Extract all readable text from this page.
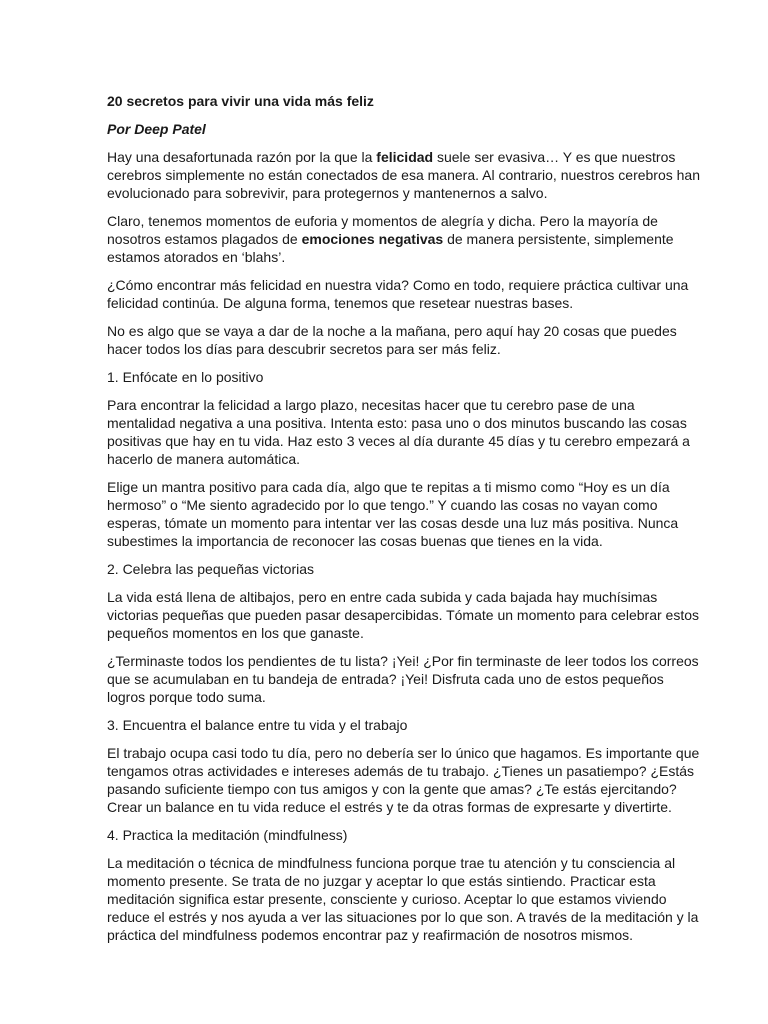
20 secretos para vivir una vida más feliz
Por Deep Patel

Hay una desafortunada razón por la que la felicidad suele ser evasiva… Y es que nuestros cerebros simplemente no están conectados de esa manera. Al contrario, nuestros cerebros han evolucionado para sobrevivir, para protegernos y mantenernos a salvo.

Claro, tenemos momentos de euforia y momentos de alegría y dicha. Pero la mayoría de nosotros estamos plagados de emociones negativas de manera persistente, simplemente estamos atorados en ‘blahs’.

¿Cómo encontrar más felicidad en nuestra vida? Como en todo, requiere práctica cultivar una felicidad continúa. De alguna forma, tenemos que resetear nuestras bases.

No es algo que se vaya a dar de la noche a la mañana, pero aquí hay 20 cosas que puedes hacer todos los días para descubrir secretos para ser más feliz.

1. Enfócate en lo positivo

Para encontrar la felicidad a largo plazo, necesitas hacer que tu cerebro pase de una mentalidad negativa a una positiva. Intenta esto: pasa uno o dos minutos buscando las cosas positivas que hay en tu vida. Haz esto 3 veces al día durante 45 días y tu cerebro empezará a hacerlo de manera automática.

Elige un mantra positivo para cada día, algo que te repitas a ti mismo como “Hoy es un día hermoso” o “Me siento agradecido por lo que tengo.” Y cuando las cosas no vayan como esperas, tómate un momento para intentar ver las cosas desde una luz más positiva. Nunca subestimes la importancia de reconocer las cosas buenas que tienes en la vida.

2. Celebra las pequeñas victorias

La vida está llena de altibajos, pero en entre cada subida y cada bajada hay muchísimas victorias pequeñas que pueden pasar desapercibidas. Tómate un momento para celebrar estos pequeños momentos en los que ganaste.

¿Terminaste todos los pendientes de tu lista? ¡Yei! ¿Por fin terminaste de leer todos los correos que se acumulaban en tu bandeja de entrada? ¡Yei! Disfruta cada uno de estos pequeños logros porque todo suma.

3. Encuentra el balance entre tu vida y el trabajo

El trabajo ocupa casi todo tu día, pero no debería ser lo único que hagamos. Es importante que tengamos otras actividades e intereses además de tu trabajo. ¿Tienes un pasatiempo? ¿Estás pasando suficiente tiempo con tus amigos y con la gente que amas? ¿Te estás ejercitando? Crear un balance en tu vida reduce el estrés y te da otras formas de expresarte y divertirte.

4. Practica la meditación (mindfulness)

La meditación o técnica de mindfulness funciona porque trae tu atención y tu consciencia al momento presente. Se trata de no juzgar y aceptar lo que estás sintiendo. Practicar esta meditación significa estar presente, consciente y curioso. Aceptar lo que estamos viviendo reduce el estrés y nos ayuda a ver las situaciones por lo que son. A través de la meditación y la práctica del mindfulness podemos encontrar paz y reafirmación de nosotros mismos.
